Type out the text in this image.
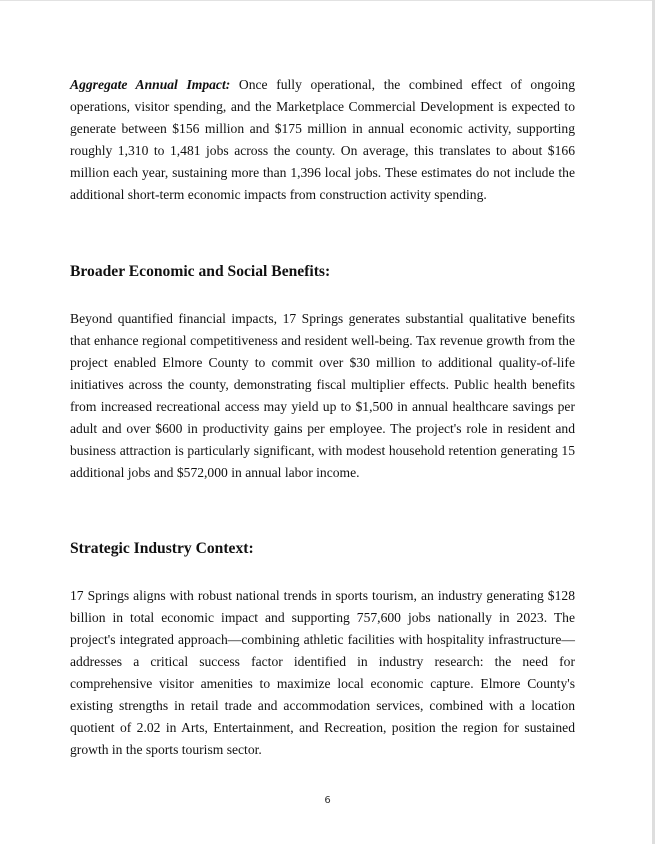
Aggregate Annual Impact: Once fully operational, the combined effect of ongoing operations, visitor spending, and the Marketplace Commercial Development is expected to generate between $156 million and $175 million in annual economic activity, supporting roughly 1,310 to 1,481 jobs across the county. On average, this translates to about $166 million each year, sustaining more than 1,396 local jobs. These estimates do not include the additional short-term economic impacts from construction activity spending.

Broader Economic and Social Benefits:

Beyond quantified financial impacts, 17 Springs generates substantial qualitative benefits that enhance regional competitiveness and resident well-being. Tax revenue growth from the project enabled Elmore County to commit over $30 million to additional quality-of-life initiatives across the county, demonstrating fiscal multiplier effects. Public health benefits from increased recreational access may yield up to $1,500 in annual healthcare savings per adult and over $600 in productivity gains per employee. The project's role in resident and business attraction is particularly significant, with modest household retention generating 15 additional jobs and $572,000 in annual labor income.

Strategic Industry Context:

17 Springs aligns with robust national trends in sports tourism, an industry generating $128 billion in total economic impact and supporting 757,600 jobs nationally in 2023. The project's integrated approach—combining athletic facilities with hospitality infrastructure—addresses a critical success factor identified in industry research: the need for comprehensive visitor amenities to maximize local economic capture. Elmore County's existing strengths in retail trade and accommodation services, combined with a location quotient of 2.02 in Arts, Entertainment, and Recreation, position the region for sustained growth in the sports tourism sector.

6
